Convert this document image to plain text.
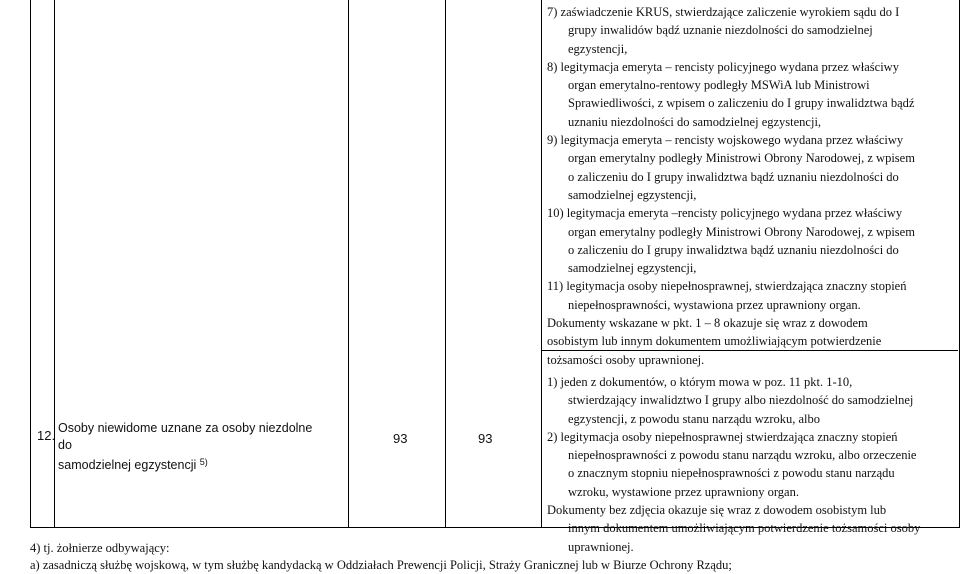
12. Osoby niewidome uznane za osoby niezdolne do
samodzielnej egzystencji $^{5)}$
93	93
7) zaświadczenie KRUS, stwierdzające zaliczenie wyrokiem sądu do I
grupy inwalidów bądź uznanie niezdolności do samodzielnej
egzystencji,
8) legitymacja emeryta – rencisty policyjnego wydana przez właściwy
organ emerytalno-rentowy podległy MSWiA lub Ministrowi
Sprawiedliwości, z wpisem o zaliczeniu do I grupy inwalidztwa bądź
uznaniu niezdolności do samodzielnej egzystencji,
9) legitymacja emeryta – rencisty wojskowego wydana przez właściwy
organ emerytalny podległy Ministrowi Obrony Narodowej, z wpisem
o zaliczeniu do I grupy inwalidztwa bądź uznaniu niezdolności do
samodzielnej egzystencji,
10) legitymacja emeryta –rencisty policyjnego wydana przez właściwy
organ emerytalny podległy Ministrowi Obrony Narodowej, z wpisem
o zaliczeniu do I grupy inwalidztwa bądź uznaniu niezdolności do
samodzielnej egzystencji,
11) legitymacja osoby niepełnosprawnej, stwierdzająca znaczny stopień
niepełnosprawności, wystawiona przez uprawniony organ.
Dokumenty wskazane w pkt. 1 – 8 okazuje się wraz z dowodem
osobistym lub innym dokumentem umożliwiającym potwierdzenie
tożsamości osoby uprawnionej.
1) jeden z dokumentów, o którym mowa w poz. 11 pkt. 1-10,
stwierdzający inwalidztwo I grupy albo niezdolność do samodzielnej
egzystencji, z powodu stanu narządu wzroku, albo
2) legitymacja osoby niepełnosprawnej stwierdzająca znaczny stopień
niepełnosprawności z powodu stanu narządu wzroku, albo orzeczenie
o znacznym stopniu niepełnosprawności z powodu stanu narządu
wzroku, wystawione przez uprawniony organ.
Dokumenty bez zdjęcia okazuje się wraz z dowodem osobistym lub
innym dokumentem umożliwiającym potwierdzenie tożsamości osoby
uprawnionej.
4) tj. żołnierze odbywający:
a) zasadniczą służbę wojskową, w tym służbę kandydacką w Oddziałach Prewencji Policji, Straży Granicznej lub w Biurze Ochrony Rządu;
